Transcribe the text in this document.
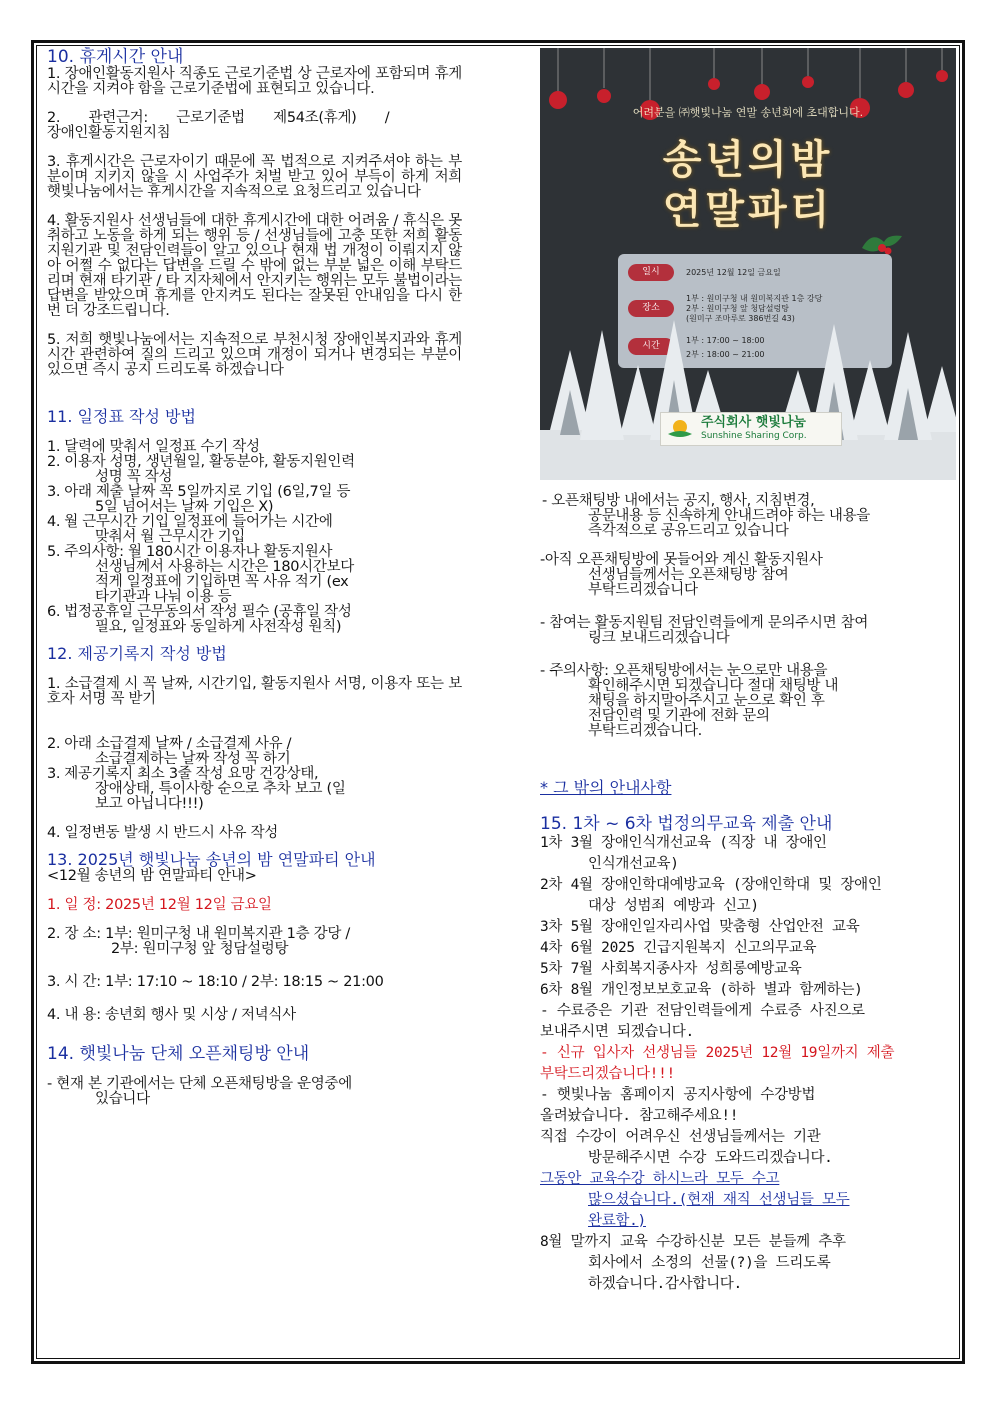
10. 휴게시간 안내

1. 장애인활동지원사 직종도 근로기준법 상 근로자에 포함되며 휴게시간을 지켜야 함을 근로기준법에 표현되고 있습니다.

2. 관련근거: 근로기준법 제54조(휴게) /

장애인활동지원지침

3. 휴게시간은 근로자이기 때문에 꼭 법적으로 지켜주셔야 하는 부분이며 지키지 않을 시 사업주가 처벌 받고 있어 부득이 하게 저희 햇빛나눔에서는 휴게시간을 지속적으로 요청드리고 있습니다

4. 활동지원사 선생님들에 대한 휴게시간에 대한 어려움 / 휴식은 못취하고 노동을 하게 되는 행위 등 / 선생님들에 고충 또한 저희 활동지원기관 및 전담인력들이 알고 있으나 현재 법 개정이 이뤄지지 않아 어쩔 수 없다는 답변을 드릴 수 밖에 없는 부분 넓은 이해 부탁드리며 현재 타기관 / 타 지자체에서 안지키는 행위는 모두 불법이라는 답변을 받았으며 휴게를 안지켜도 된다는 잘못된 안내임을 다시 한 번 더 강조드립니다.

5. 저희 햇빛나눔에서는 지속적으로 부천시청 장애인복지과와 휴게시간 관련하여 질의 드리고 있으며 개정이 되거나 변경되는 부분이 있으면 즉시 공지 드리도록 하겠습니다

11. 일정표 작성 방법

1. 달력에 맞춰서 일정표 수기 작성
2. 이용자 성명, 생년월일, 활동분야, 활동지원인력
성명 꼭 작성
3. 아래 제출 날짜 꼭 5일까지로 기입 (6일,7일 등
5일 넘어서는 날짜 기입은 X)
4. 월 근무시간 기입 일정표에 들어가는 시간에
맞춰서 월 근무시간 기입
5. 주의사항: 월 180시간 이용자나 활동지원사
선생님께서 사용하는 시간은 180시간보다
적게 일정표에 기입하면 꼭 사유 적기 (ex
타기관과 나눠 이용 등
6. 법정공휴일 근무동의서 작성 필수 (공휴일 작성
필요, 일정표와 동일하게 사전작성 원칙)

12. 제공기록지 작성 방법

1. 소급결제 시 꼭 날짜, 시간기입, 활동지원사 서명, 이용자 또는 보호자 서명 꼭 받기

2. 아래 소급결제 날짜 / 소급결제 사유 /
소급결제하는 날짜 작성 꼭 하기
3. 제공기록지 최소 3줄 작성 요망 건강상태,
장애상태, 특이사항 순으로 추차 보고 (일
보고 아닙니다!!!)

4. 일정변동 발생 시 반드시 사유 작성

13. 2025년 햇빛나눔 송년의 밤 연말파티 안내

<12월 송년의 밤 연말파티 안내>

1. 일 정: 2025년 12월 12일 금요일

2. 장 소: 1부: 원미구청 내 원미복지관 1층 강당 /

2부: 원미구청 앞 청담설렁탕

3. 시 간: 1부: 17:10 ~ 18:10 / 2부: 18:15 ~ 21:00

4. 내 용: 송년회 행사 및 시상 / 저녁식사

14. 햇빛나눔 단체 오픈채팅방 안내

- 현재 본 기관에서는 단체 오픈채팅방을 운영중에

있습니다

어려분을 ㈜햇빛나눔 연말 송년회에 초대합니다.
송년의밤
연말파티
일시	2025년 12월 12일 금요일
장소
1부 : 원미구청 내 원미복지관 1층 강당
2부 : 원미구청 앞 청담설렁탕
(원미구 조마루로 386번길 43)
시간
1부 : 17:00 ~ 18:00
2부 : 18:00 ~ 21:00
주식회사 햇빛나눔
Sunshine Sharing Corp.

- 오픈채팅방 내에서는 공지, 행사, 지침변경,

공문내용 등 신속하게 안내드려야 하는 내용을
즉각적으로 공유드리고 있습니다

-아직 오픈채팅방에 못들어와 계신 활동지원사

선생님들께서는 오픈채팅방 참여
부탁드리겠습니다

- 참여는 활동지원팀 전담인력들에게 문의주시면 참여

링크 보내드리겠습니다

- 주의사항: 오픈채팅방에서는 눈으로만 내용을

확인해주시면 되겠습니다 절대 채팅방 내
채팅을 하지말아주시고 눈으로 확인 후
전담인력 및 기관에 전화 문의
부탁드리겠습니다.

* 그 밖의 안내사항

15. 1차 ~ 6차 법정의무교육 제출 안내

1차 3월 장애인식개선교육 (직장 내 장애인

인식개선교육)

2차 4월 장애인학대예방교육 (장애인학대 및 장애인

대상 성범죄 예방과 신고)

3차 5월 장애인일자리사업 맞춤형 산업안전 교육

4차 6월 2025 긴급지원복지 신고의무교육

5차 7월 사회복지종사자 성희롱예방교육

6차 8월 개인정보보호교육 (하하 별과 함께하는)

- 수료증은 기관 전담인력들에게 수료증 사진으로

보내주시면 되겠습니다.

- 신규 입사자 선생님들 2025년 12월 19일까지 제출

부탁드리겠습니다!!!

- 햇빛나눔 홈페이지 공지사항에 수강방법

올려놨습니다. 참고해주세요!!

직접 수강이 어려우신 선생님들께서는 기관

방문해주시면 수강 도와드리겠습니다.

그동안 교육수강 하시느라 모두 수고

많으셨습니다.(현재 재직 선생님들 모두

완료함.)

8월 말까지 교육 수강하신분 모든 분들께 추후

회사에서 소정의 선물(?)을 드리도록

하겠습니다.감사합니다.
